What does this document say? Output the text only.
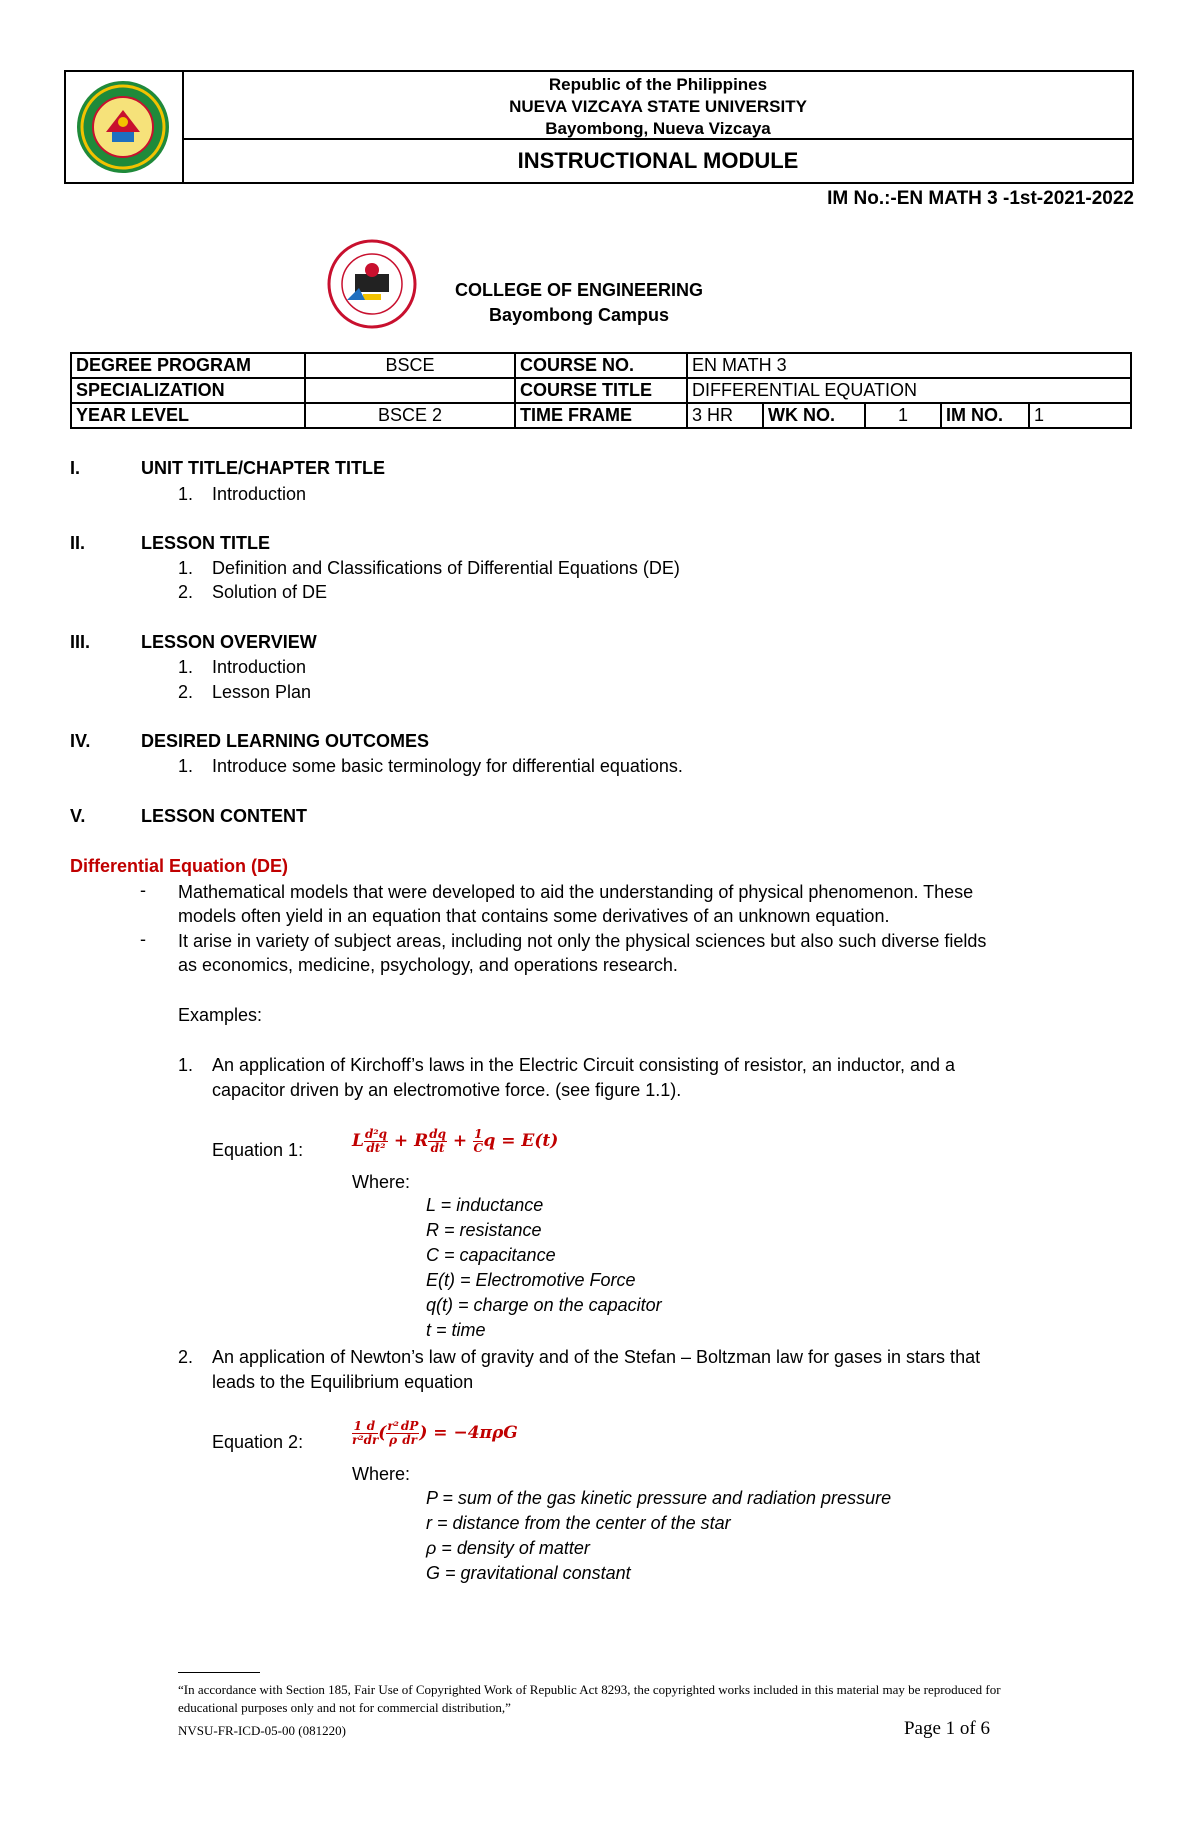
Republic of the Philippines
NUEVA VIZCAYA STATE UNIVERSITY
Bayombong, Nueva Vizcaya
INSTRUCTIONAL MODULE
IM No.:-EN MATH 3 -1st-2021-2022
COLLEGE OF ENGINEERING
Bayombong Campus
DEGREE PROGRAM	BSCE	COURSE NO.	EN MATH 3				
SPECIALIZATION		COURSE TITLE	DIFFERENTIAL EQUATION				
YEAR LEVEL	BSCE 2	TIME FRAME	3 HR	WK NO.	1	IM NO.	1
I.	UNIT TITLE/CHAPTER TITLE
1. Introduction
II.	LESSON TITLE
1. Definition and Classifications of Differential Equations (DE)
2. Solution of DE
III.	LESSON OVERVIEW
1. Introduction
2. Lesson Plan
IV.	DESIRED LEARNING OUTCOMES
1. Introduce some basic terminology for differential equations.
V.	LESSON CONTENT
Differential Equation (DE)
- Mathematical models that were developed to aid the understanding of physical phenomenon. These
models often yield in an equation that contains some derivatives of an unknown equation.
- It arise in variety of subject areas, including not only the physical sciences but also such diverse fields
as economics, medicine, psychology, and operations research.
Examples:
1. An application of Kirchoff’s laws in the Electric Circuit consisting of resistor, an inductor, and a
capacitor driven by an electromotive force. (see figure 1.1).
Equation 1:	L $\frac{\text{d²q}}{\text{dt²}} + R \frac{dq}{dt} + \frac{1}{C}$ q = E(t)
Where:
L = inductance
R = resistance
C = capacitance
E(t) = Electromotive Force
q(t) = charge on the capacitor
t = time
2. An application of Newton’s law of gravity and of the Stefan – Boltzman law for gases in stars that
leads to the Equilibrium equation
Equation 2:	$\frac{1}{\text{r²}} \frac{d}{dr}$ ( $\frac{\text{r²}}{\rho} \frac{dP}{dr}$ ) = −4πρG
Where:
P = sum of the gas kinetic pressure and radiation pressure
r = distance from the center of the star
ρ = density of matter
G = gravitational constant
“In accordance with Section 185, Fair Use of Copyrighted Work of Republic Act 8293, the copyrighted works included in this material may be reproduced for
educational purposes only and not for commercial distribution,”
NVSU-FR-ICD-05-00 (081220)	Page 1 of 6
